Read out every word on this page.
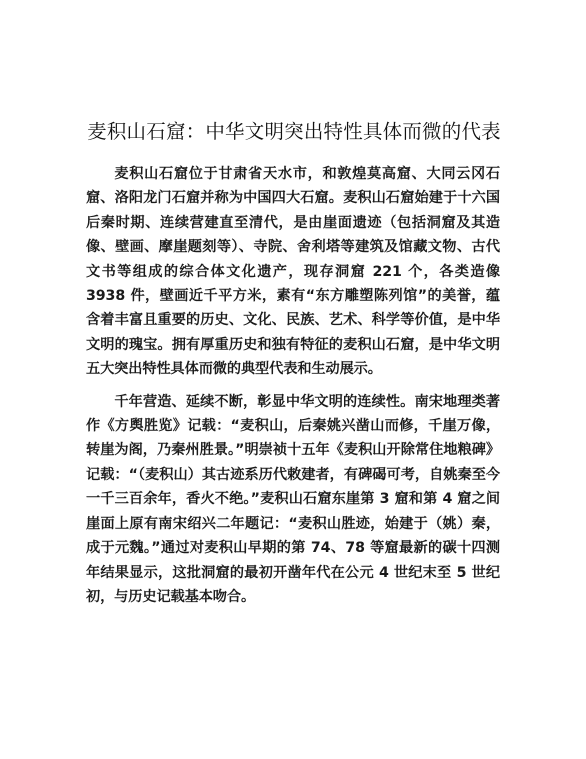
麦积山石窟：中华文明突出特性具体而微的代表

麦积山石窟位于甘肃省天水市，和敦煌莫高窟、大同云冈石窟、洛阳龙门石窟并称为中国四大石窟。麦积山石窟始建于十六国后秦时期、连续营建直至清代，是由崖面遗迹（包括洞窟及其造像、壁画、摩崖题刻等）、寺院、舍利塔等建筑及馆藏文物、古代文书等组成的综合体文化遗产，现存洞窟 221 个，各类造像 3938 件，壁画近千平方米，素有“东方雕塑陈列馆”的美誉，蕴含着丰富且重要的历史、文化、民族、艺术、科学等价值，是中华文明的瑰宝。拥有厚重历史和独有特征的麦积山石窟，是中华文明五大突出特性具体而微的典型代表和生动展示。

千年营造、延续不断，彰显中华文明的连续性。南宋地理类著作《方舆胜览》记载：“麦积山，后秦姚兴凿山而修，千崖万像，转崖为阁，乃秦州胜景。”明崇祯十五年《麦积山开除常住地粮碑》记载：“（麦积山）其古迹系历代敕建者，有碑碣可考，自姚秦至今一千三百余年，香火不绝。”麦积山石窟东崖第 3 窟和第 4 窟之间崖面上原有南宋绍兴二年题记：“麦积山胜迹，始建于（姚）秦，成于元魏。”通过对麦积山早期的第 74、78 等窟最新的碳十四测年结果显示，这批洞窟的最初开凿年代在公元 4 世纪末至 5 世纪初，与历史记载基本吻合。
